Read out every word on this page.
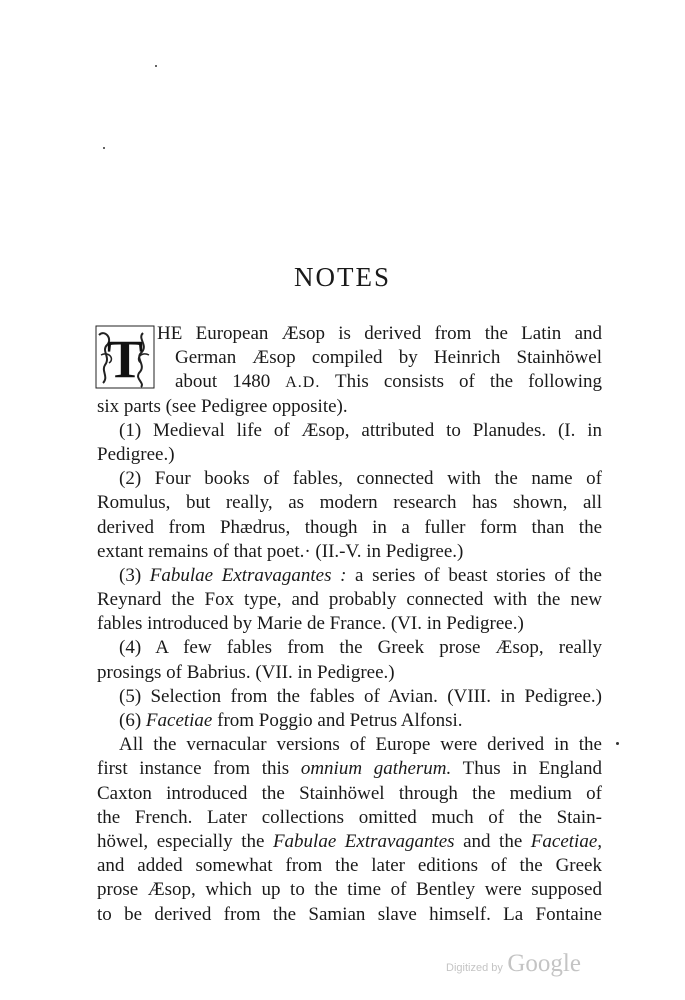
NOTES
T HE European Æsop is derived from the Latin and
German Æsop compiled by Heinrich Stainhöwel
about 1480 A.D. This consists of the following
six parts (see Pedigree opposite).
(1) Medieval life of Æsop, attributed to Planudes. (I. in
Pedigree.)
(2) Four books of fables, connected with the name of
Romulus, but really, as modern research has shown, all
derived from Phædrus, though in a fuller form than the
extant remains of that poet.· (II.-V. in Pedigree.)
(3) Fabulae Extravagantes : a series of beast stories of the
Reynard the Fox type, and probably connected with the new
fables introduced by Marie de France. (VI. in Pedigree.)
(4) A few fables from the Greek prose Æsop, really
prosings of Babrius. (VII. in Pedigree.)
(5) Selection from the fables of Avian. (VIII. in Pedigree.)
(6) Facetiae from Poggio and Petrus Alfonsi.
All the vernacular versions of Europe were derived in the
first instance from this omnium gatherum. Thus in England
Caxton introduced the Stainhöwel through the medium of
the French. Later collections omitted much of the Stain-
höwel, especially the Fabulae Extravagantes and the Facetiae,
and added somewhat from the later editions of the Greek
prose Æsop, which up to the time of Bentley were supposed
to be derived from the Samian slave himself. La Fontaine
Digitized by Google
